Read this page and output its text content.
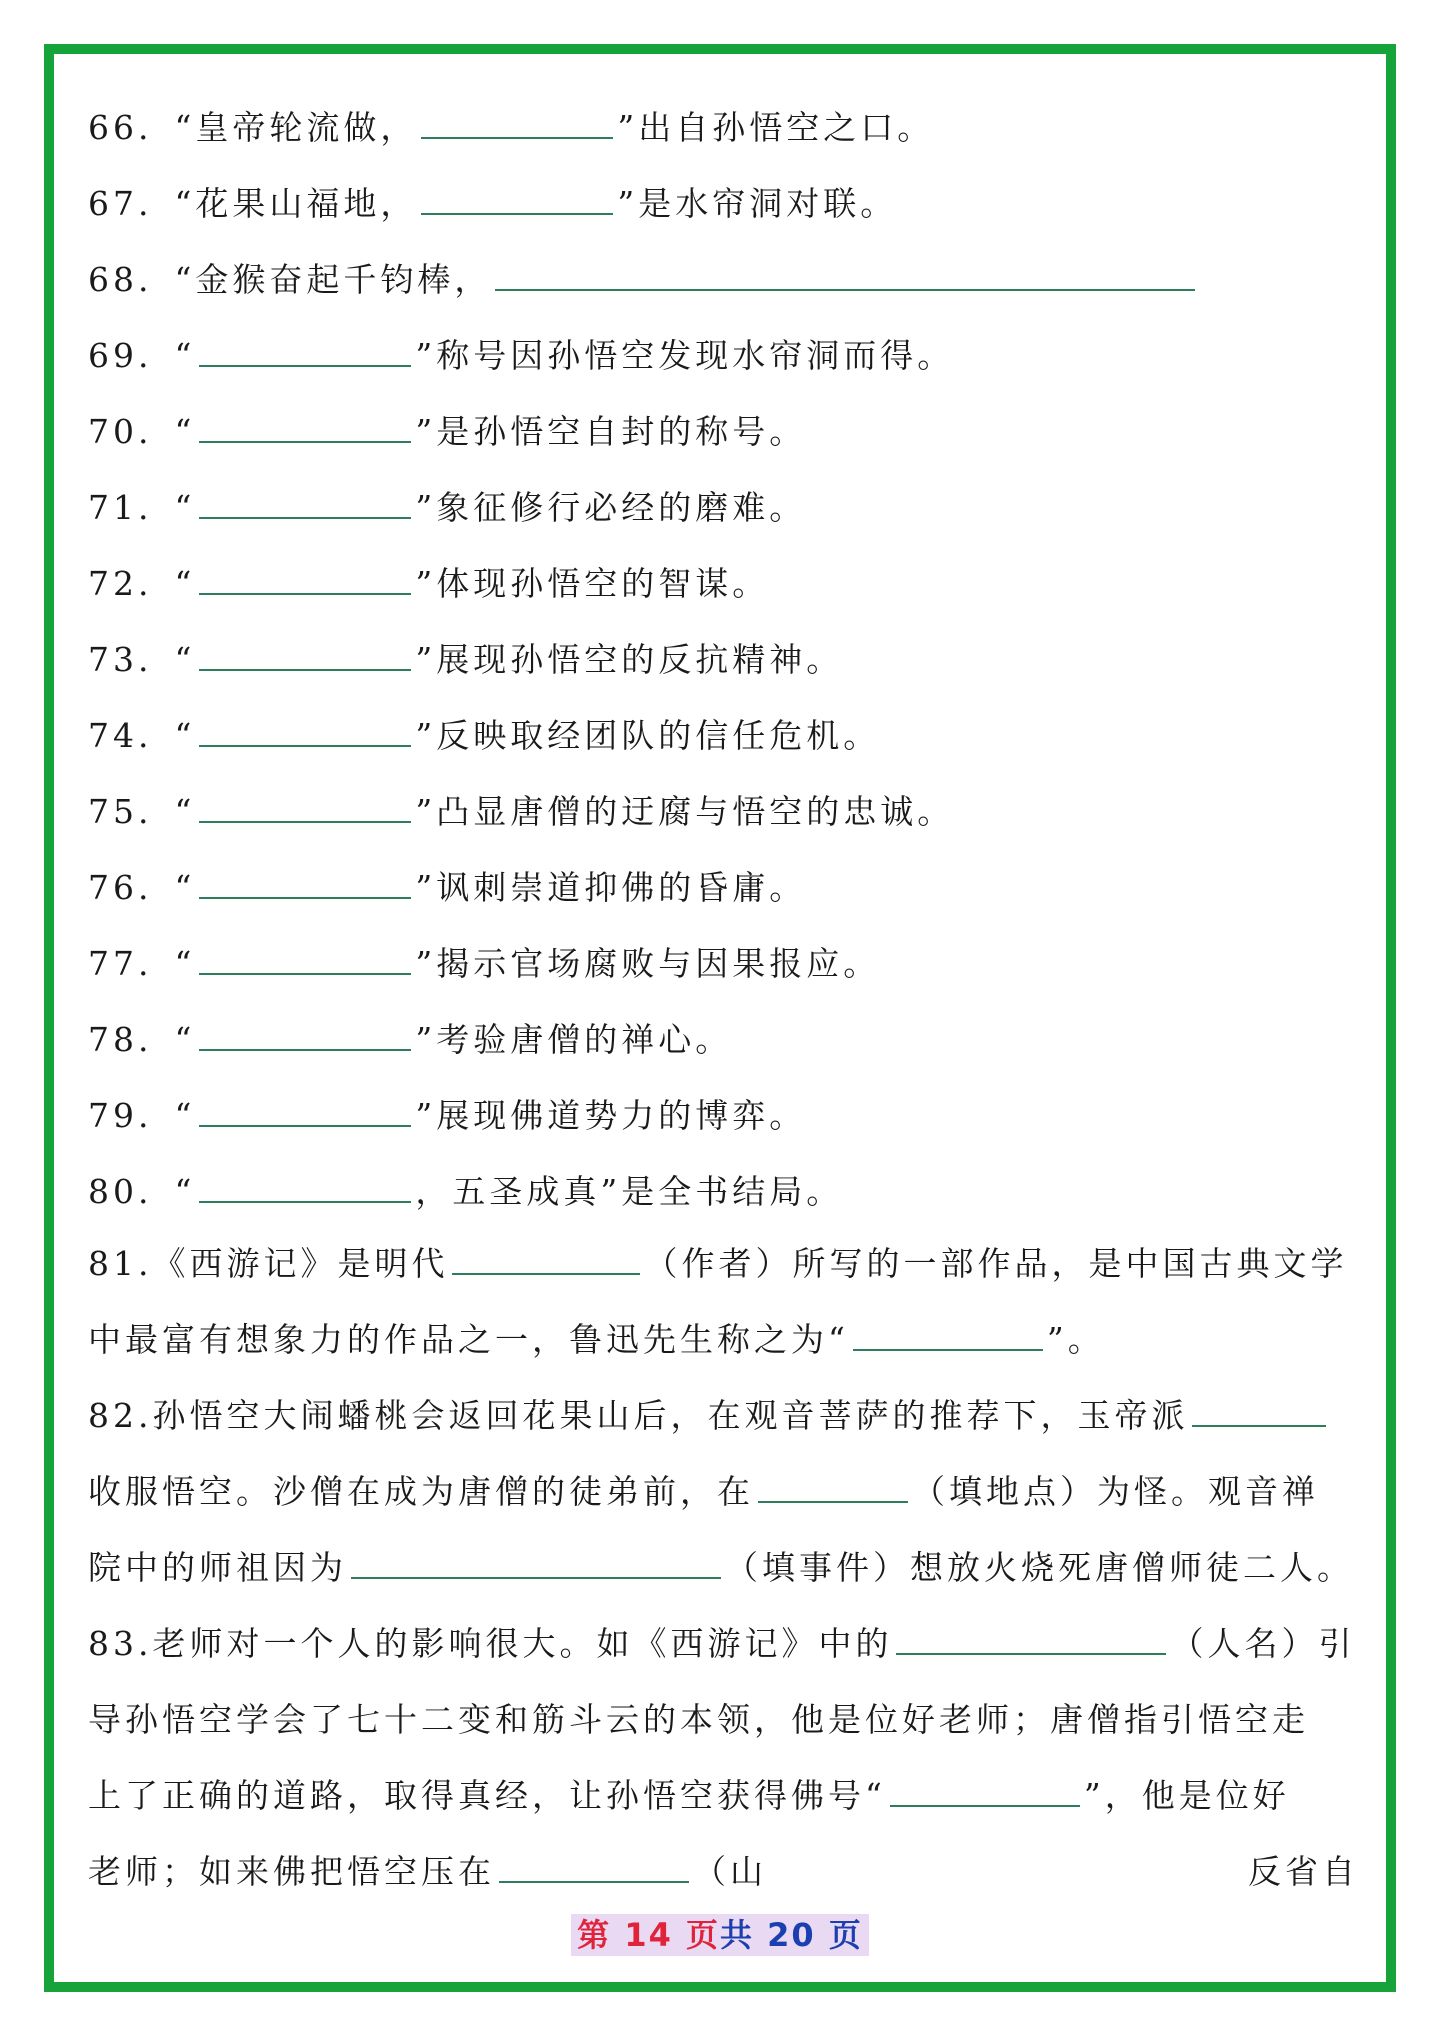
66. “皇帝轮流做，	”出自孙悟空之口。
67. “花果山福地，	”是水帘洞对联。
68. “金猴奋起千钧棒，
69. “	”称号因孙悟空发现水帘洞而得。
70. “	”是孙悟空自封的称号。
71. “	”象征修行必经的磨难。
72. “	”体现孙悟空的智谋。
73. “	”展现孙悟空的反抗精神。
74. “	”反映取经团队的信任危机。
75. “	”凸显唐僧的迂腐与悟空的忠诚。
76. “	”讽刺崇道抑佛的昏庸。
77. “	”揭示官场腐败与因果报应。
78. “	”考验唐僧的禅心。
79. “	”展现佛道势力的博弈。
80. “	，五圣成真”是全书结局。
81.《西游记》是明代	（作者）所写的一部作品，是中国古典文学
中最富有想象力的作品之一，鲁迅先生称之为“	”。
82.孙悟空大闹蟠桃会返回花果山后，在观音菩萨的推荐下，玉帝派
收服悟空。沙僧在成为唐僧的徒弟前，在	（填地点）为怪。观音禅
院中的师祖因为	（填事件）想放火烧死唐僧师徒二人。
83.老师对一个人的影响很大。如《西游记》中的	（人名）引
导孙悟空学会了七十二变和筋斗云的本领，他是位好老师；唐僧指引悟空走
上了正确的道路，取得真经，让孙悟空获得佛号“	”，他是位好
老师；如来佛把悟空压在	（山	反省自
第 14 页共 20 页
